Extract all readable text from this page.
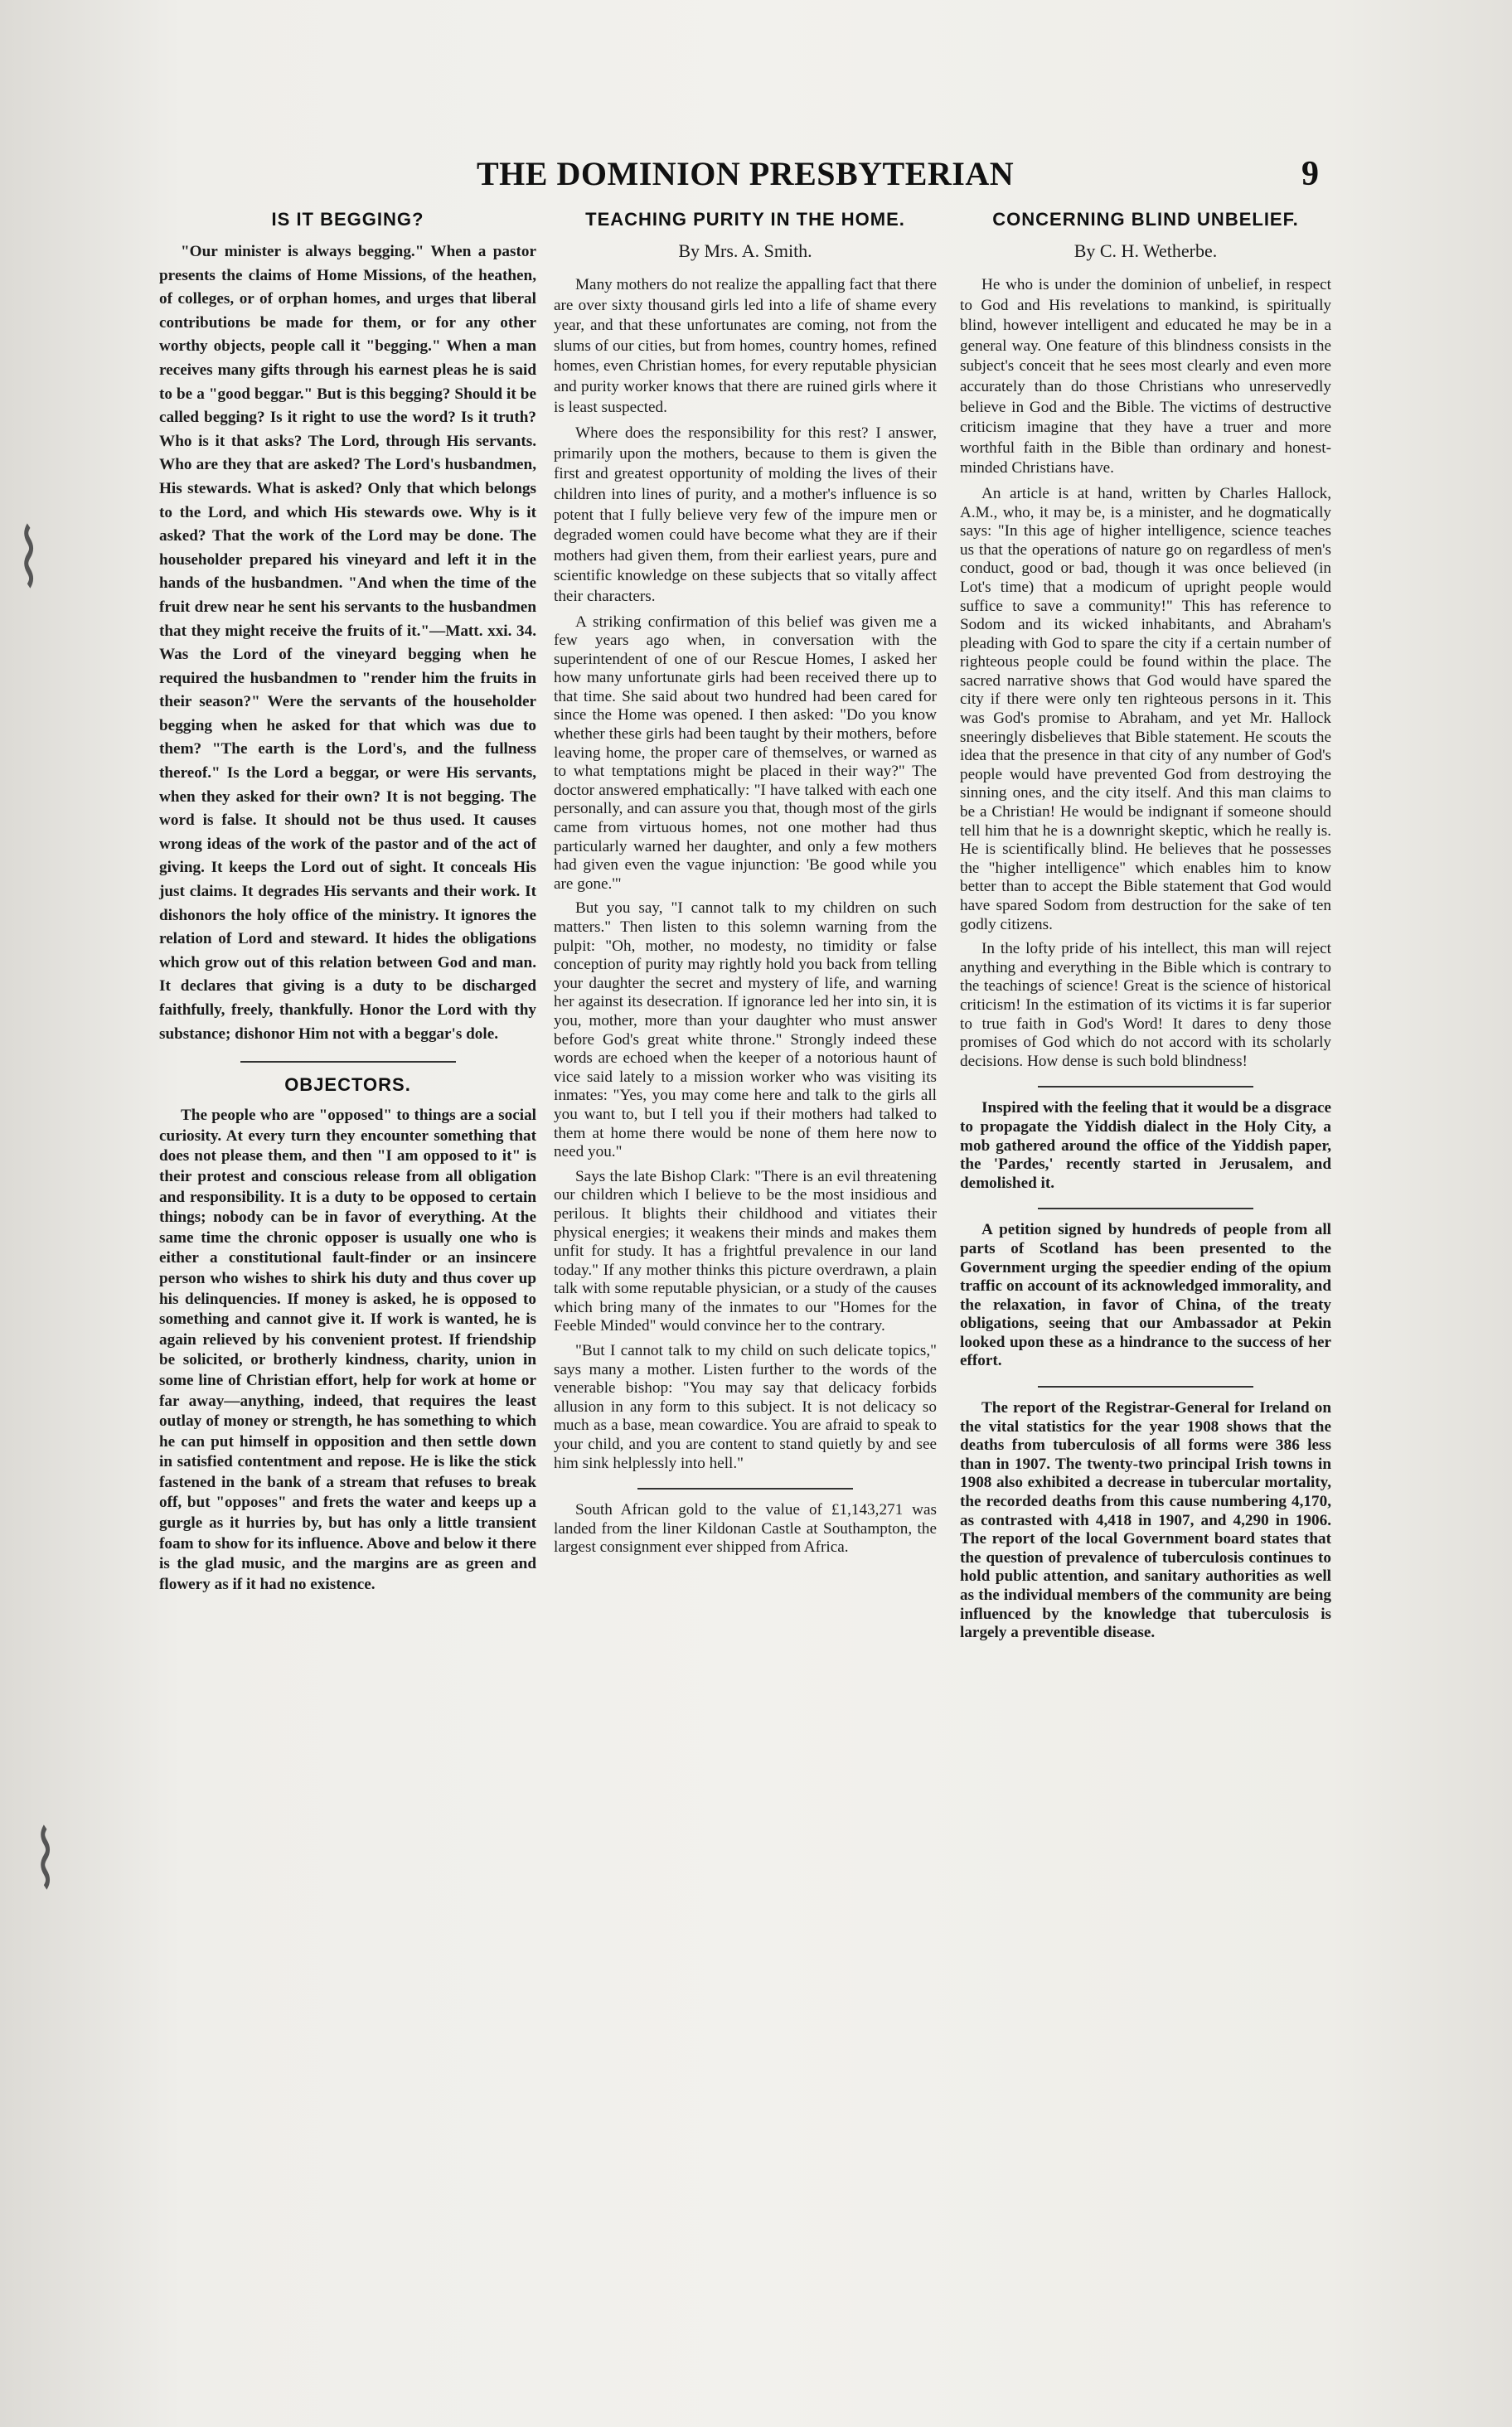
⌇
⌇
THE DOMINION PRESBYTERIAN	9
IS IT BEGGING?

"Our minister is always begging." When a pastor presents the claims of Home Missions, of the heathen, of colleges, or of orphan homes, and urges that liberal contributions be made for them, or for any other worthy objects, people call it "begging." When a man receives many gifts through his earnest pleas he is said to be a "good beggar." But is this begging? Should it be called begging? Is it right to use the word? Is it truth? Who is it that asks? The Lord, through His servants. Who are they that are asked? The Lord's husbandmen, His stewards. What is asked? Only that which belongs to the Lord, and which His stewards owe. Why is it asked? That the work of the Lord may be done. The householder prepared his vineyard and left it in the hands of the husbandmen. "And when the time of the fruit drew near he sent his servants to the husbandmen that they might receive the fruits of it."—Matt. xxi. 34. Was the Lord of the vineyard begging when he required the husbandmen to "render him the fruits in their season?" Were the servants of the householder begging when he asked for that which was due to them? "The earth is the Lord's, and the fullness thereof." Is the Lord a beggar, or were His servants, when they asked for their own? It is not begging. The word is false. It should not be thus used. It causes wrong ideas of the work of the pastor and of the act of giving. It keeps the Lord out of sight. It conceals His just claims. It degrades His servants and their work. It dishonors the holy office of the ministry. It ignores the relation of Lord and steward. It hides the obligations which grow out of this relation between God and man. It declares that giving is a duty to be discharged faithfully, freely, thankfully. Honor the Lord with thy substance; dishonor Him not with a beggar's dole.

OBJECTORS.

The people who are "opposed" to things are a social curiosity. At every turn they encounter something that does not please them, and then "I am opposed to it" is their protest and conscious release from all obligation and responsibility. It is a duty to be opposed to certain things; nobody can be in favor of everything. At the same time the chronic opposer is usually one who is either a constitutional fault-finder or an insincere person who wishes to shirk his duty and thus cover up his delinquencies. If money is asked, he is opposed to something and cannot give it. If work is wanted, he is again relieved by his convenient protest. If friendship be solicited, or brotherly kindness, charity, union in some line of Christian effort, help for work at home or far away—anything, indeed, that requires the least outlay of money or strength, he has something to which he can put himself in opposition and then settle down in satisfied contentment and repose. He is like the stick fastened in the bank of a stream that refuses to break off, but "opposes" and frets the water and keeps up a gurgle as it hurries by, but has only a little transient foam to show for its influence. Above and below it there is the glad music, and the margins are as green and flowery as if it had no existence.

TEACHING PURITY IN THE HOME.
By Mrs. A. Smith.

Many mothers do not realize the appalling fact that there are over sixty thousand girls led into a life of shame every year, and that these unfortunates are coming, not from the slums of our cities, but from homes, country homes, refined homes, even Christian homes, for every reputable physician and purity worker knows that there are ruined girls where it is least suspected.

Where does the responsibility for this rest? I answer, primarily upon the mothers, because to them is given the first and greatest opportunity of molding the lives of their children into lines of purity, and a mother's influence is so potent that I fully believe very few of the impure men or degraded women could have become what they are if their mothers had given them, from their earliest years, pure and scientific knowledge on these subjects that so vitally affect their characters.

A striking confirmation of this belief was given me a few years ago when, in conversation with the superintendent of one of our Rescue Homes, I asked her how many unfortunate girls had been received there up to that time. She said about two hundred had been cared for since the Home was opened. I then asked: "Do you know whether these girls had been taught by their mothers, before leaving home, the proper care of themselves, or warned as to what temptations might be placed in their way?" The doctor answered emphatically: "I have talked with each one personally, and can assure you that, though most of the girls came from virtuous homes, not one mother had thus particularly warned her daughter, and only a few mothers had given even the vague injunction: 'Be good while you are gone.'"

But you say, "I cannot talk to my children on such matters." Then listen to this solemn warning from the pulpit: "Oh, mother, no modesty, no timidity or false conception of purity may rightly hold you back from telling your daughter the secret and mystery of life, and warning her against its desecration. If ignorance led her into sin, it is you, mother, more than your daughter who must answer before God's great white throne." Strongly indeed these words are echoed when the keeper of a notorious haunt of vice said lately to a mission worker who was visiting its inmates: "Yes, you may come here and talk to the girls all you want to, but I tell you if their mothers had talked to them at home there would be none of them here now to need you."

Says the late Bishop Clark: "There is an evil threatening our children which I believe to be the most insidious and perilous. It blights their childhood and vitiates their physical energies; it weakens their minds and makes them unfit for study. It has a frightful prevalence in our land today." If any mother thinks this picture overdrawn, a plain talk with some reputable physician, or a study of the causes which bring many of the inmates to our "Homes for the Feeble Minded" would convince her to the contrary.

"But I cannot talk to my child on such delicate topics," says many a mother. Listen further to the words of the venerable bishop: "You may say that delicacy forbids allusion in any form to this subject. It is not delicacy so much as a base, mean cowardice. You are afraid to speak to your child, and you are content to stand quietly by and see him sink helplessly into hell."

South African gold to the value of £1,143,271 was landed from the liner Kildonan Castle at Southampton, the largest consignment ever shipped from Africa.

CONCERNING BLIND UNBELIEF.
By C. H. Wetherbe.

He who is under the dominion of unbelief, in respect to God and His revelations to mankind, is spiritually blind, however intelligent and educated he may be in a general way. One feature of this blindness consists in the subject's conceit that he sees most clearly and even more accurately than do those Christians who unreservedly believe in God and the Bible. The victims of destructive criticism imagine that they have a truer and more worthful faith in the Bible than ordinary and honest-minded Christians have.

An article is at hand, written by Charles Hallock, A.M., who, it may be, is a minister, and he dogmatically says: "In this age of higher intelligence, science teaches us that the operations of nature go on regardless of men's conduct, good or bad, though it was once believed (in Lot's time) that a modicum of upright people would suffice to save a community!" This has reference to Sodom and its wicked inhabitants, and Abraham's pleading with God to spare the city if a certain number of righteous people could be found within the place. The sacred narrative shows that God would have spared the city if there were only ten righteous persons in it. This was God's promise to Abraham, and yet Mr. Hallock sneeringly disbelieves that Bible statement. He scouts the idea that the presence in that city of any number of God's people would have prevented God from destroying the sinning ones, and the city itself. And this man claims to be a Christian! He would be indignant if someone should tell him that he is a downright skeptic, which he really is. He is scientifically blind. He believes that he possesses the "higher intelligence" which enables him to know better than to accept the Bible statement that God would have spared Sodom from destruction for the sake of ten godly citizens.

In the lofty pride of his intellect, this man will reject anything and everything in the Bible which is contrary to the teachings of science! Great is the science of historical criticism! In the estimation of its victims it is far superior to true faith in God's Word! It dares to deny those promises of God which do not accord with its scholarly decisions. How dense is such bold blindness!

Inspired with the feeling that it would be a disgrace to propagate the Yiddish dialect in the Holy City, a mob gathered around the office of the Yiddish paper, the 'Pardes,' recently started in Jerusalem, and demolished it.

A petition signed by hundreds of people from all parts of Scotland has been presented to the Government urging the speedier ending of the opium traffic on account of its acknowledged immorality, and the relaxation, in favor of China, of the treaty obligations, seeing that our Ambassador at Pekin looked upon these as a hindrance to the success of her effort.

The report of the Registrar-General for Ireland on the vital statistics for the year 1908 shows that the deaths from tuberculosis of all forms were 386 less than in 1907. The twenty-two principal Irish towns in 1908 also exhibited a decrease in tubercular mortality, the recorded deaths from this cause numbering 4,170, as contrasted with 4,418 in 1907, and 4,290 in 1906. The report of the local Government board states that the question of prevalence of tuberculosis continues to hold public attention, and sanitary authorities as well as the individual members of the community are being influenced by the knowledge that tuberculosis is largely a preventible disease.
